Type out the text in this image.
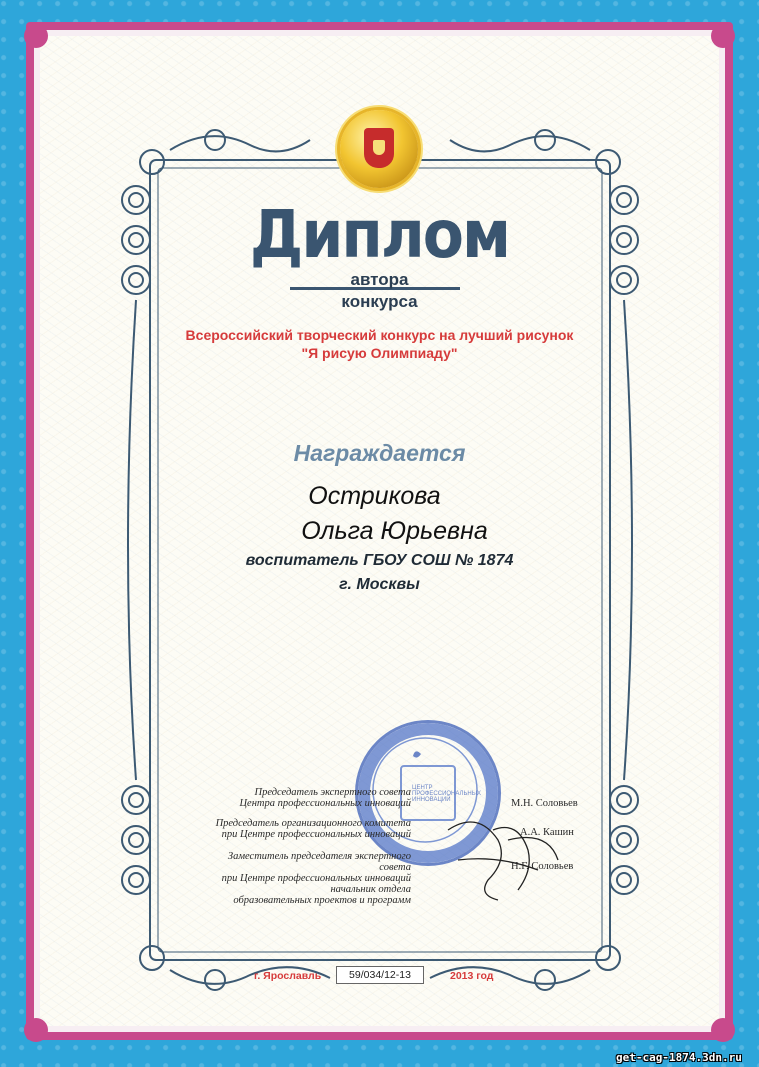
Диплом
автора
конкурса
Всероссийский творческий конкурс на лучший рисунок
"Я рисую Олимпиаду"
Награждается
Острикова
Ольга Юрьевна
воспитатель ГБОУ СОШ № 1874
г. Москвы
ЦЕНТР ПРОФЕССИОНАЛЬНЫХ ИННОВАЦИЙ
Председатель экспертного совета
Центра профессиональных инноваций	М.Н. Соловьев
Председатель организационного комитета
при Центре профессиональных инноваций	А.А. Кашин
Заместитель председателя экспертного совета
при Центре профессиональных инноваций
начальник отдела
образовательных проектов и программ
Н.Г. Соловьев
г. Ярославль	59/034/12-13	2013 год
get-cag-1874.3dn.ru
